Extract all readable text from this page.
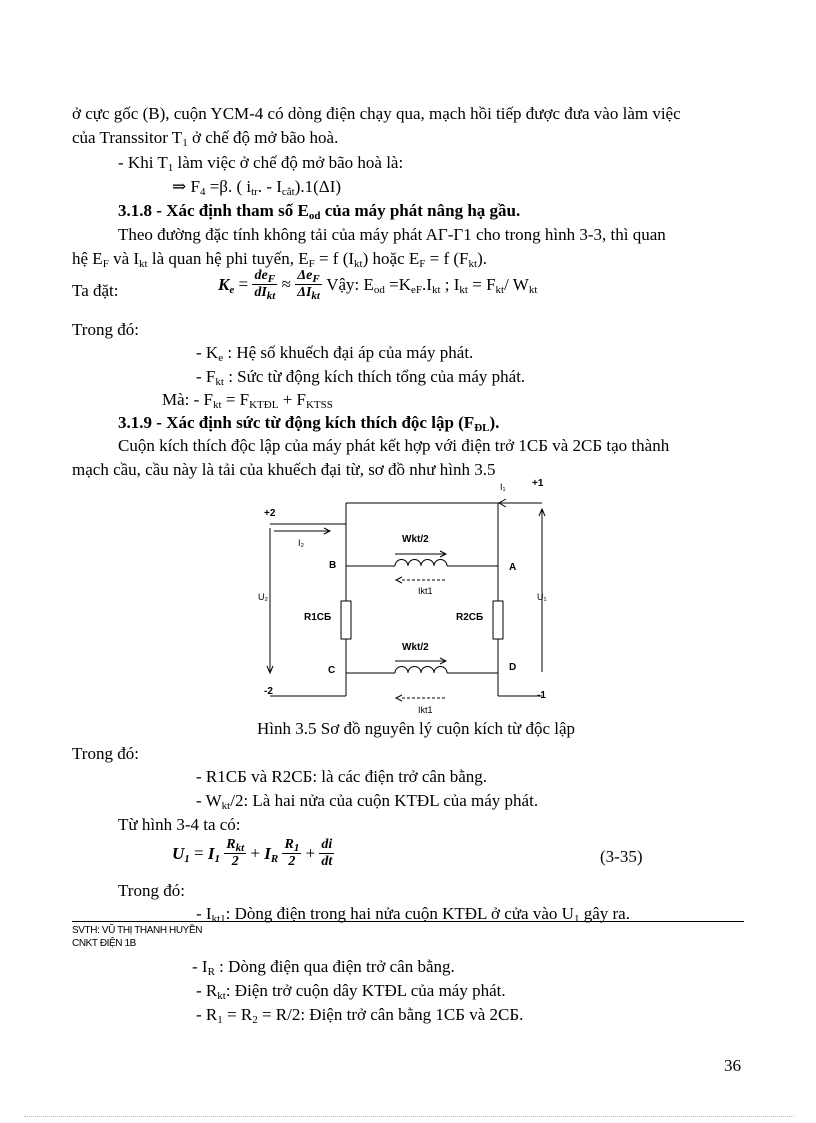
ở cực gốc (B), cuộn YCM-4 có dòng điện chạy qua, mạch hồi tiếp được đưa vào làm việc
của Transsitor $T_1$ ở chế độ mở bão hoà.
- Khi $T_1$ làm việc ở chế độ mở bão hoà là:
⇒ $F_4 =\beta$. ( $i_{tr}$. - $I_{cắt}).1(\Delta I)$
3.1.8 - Xác định tham số $E_{od}$ của máy phát nâng hạ gầu.
Theo đường đặc tính không tải của máy phát AΓ-Γ1 cho trong hình 3-3, thì quan
hệ $E_F$ và $I_{kt}$ là quan hệ phi tuyến, $E_F = f$ $(I_{kt})$ hoặc $E_F = f$ $(F_{kt})$.
Ta đặt:	$K_e = \frac{de_F}{dI_{kt}} \approx \frac{\Delta e_F}{\Delta I_{kt}}$ Vậy: $E_{od} =K_{eF}.I_{kt}$ ; $I_{kt} = F_{kt}/$ $W_{kt}$
Trong đó:
- $K_e$ : Hệ số khuếch đại áp của máy phát.
- $F_{kt}$ : Sức từ động kích thích tổng của máy phát.
Mà: - $F_{kt} = F_{KTĐL} + F_{KTSS}$
3.1.9 - Xác định sức từ động kích thích độc lập $(F_{ĐL})$.
Cuộn kích thích độc lập của máy phát kết hợp với điện trở 1CБ và 2CБ tạo thành
mạch cầu, cầu này là tải của khuếch đại từ, sơ đồ như hình 3.5
I₁	+1
+2
I₂	Wkt/2
B	A
Ikt1
U₂	U₁
R1CБ	R2CБ
Wkt/2
C	D
-2	-1
Ikt1
Hình 3.5 Sơ đồ nguyên lý cuộn kích từ độc lập
Trong đó:
- R1CБ và R2CБ: là các điện trở cân bằng.
- $W_{kt}/2$: Là hai nửa của cuộn KTĐL của máy phát.
Từ hình 3-4 ta có:
$U_1 = I_1 \frac{R_{kt}}{2} + I_R \frac{R_1}{2} + \frac{di}{dt}$	(3-35)
Trong đó:
- $I_{kt1}$: Dòng điện trong hai nửa cuộn KTĐL ở cửa vào $U_1$ gây ra.
SVTH: VŨ THỊ THANH HUYỀN
CNKT ĐIỆN 1B
- $I_R$ : Dòng điện qua điện trở cân bằng.
- $R_{kt}$: Điện trở cuộn dây KTĐL của máy phát.
- $R_1 = R_2 = R/2$: Điện trở cân bằng 1CБ và 2CБ.
36
